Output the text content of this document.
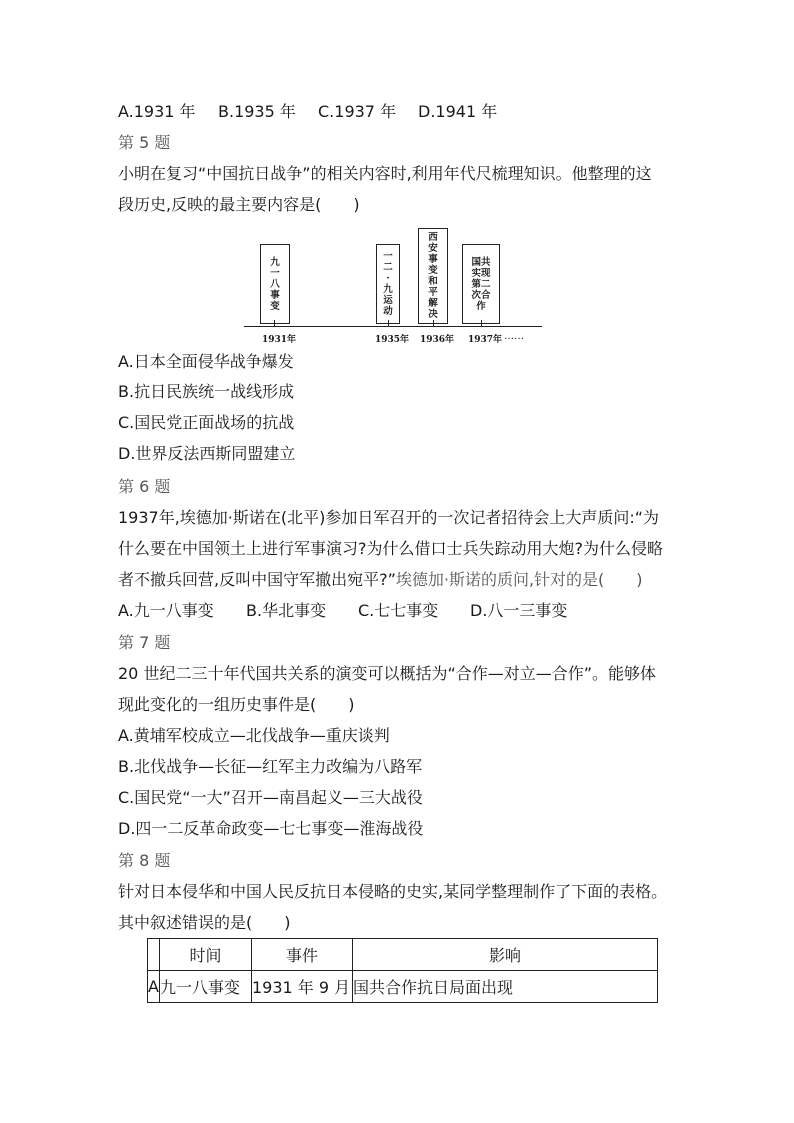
A.1931 年 B.1935 年 C.1937 年 D.1941 年
第 5 题
小明在复习“中国抗日战争”的相关内容时,利用年代尺梳理知识。他整理的这
段历史,反映的最主要内容是(　　)
九一八事变
一二·九运动
西安事变和平解决
国共实现第二次合作
1931年	1935年 1936年 1937年 ……
A.日本全面侵华战争爆发
B.抗日民族统一战线形成
C.国民党正面战场的抗战
D.世界反法西斯同盟建立
第 6 题
1937年,埃德加·斯诺在(北平)参加日军召开的一次记者招待会上大声质问:“为
什么要在中国领土上进行军事演习?为什么借口士兵失踪动用大炮?为什么侵略
者不撤兵回营,反叫中国守军撤出宛平?”埃德加·斯诺的质问,针对的是(　　)
A.九一八事变 B.华北事变 C.七七事变 D.八一三事变
第 7 题
20 世纪二三十年代国共关系的演变可以概括为“合作—对立—合作”。能够体
现此变化的一组历史事件是(　　)
A.黄埔军校成立—北伐战争—重庆谈判
B.北伐战争—长征—红军主力改编为八路军
C.国民党“一大”召开—南昌起义—三大战役
D.四一二反革命政变—七七事变—淮海战役
第 8 题
针对日本侵华和中国人民反抗日本侵略的史实,某同学整理制作了下面的表格。
其中叙述错误的是(　　)
	时间	事件	影响
A	九一八事变	1931 年 9 月	国共合作抗日局面出现
